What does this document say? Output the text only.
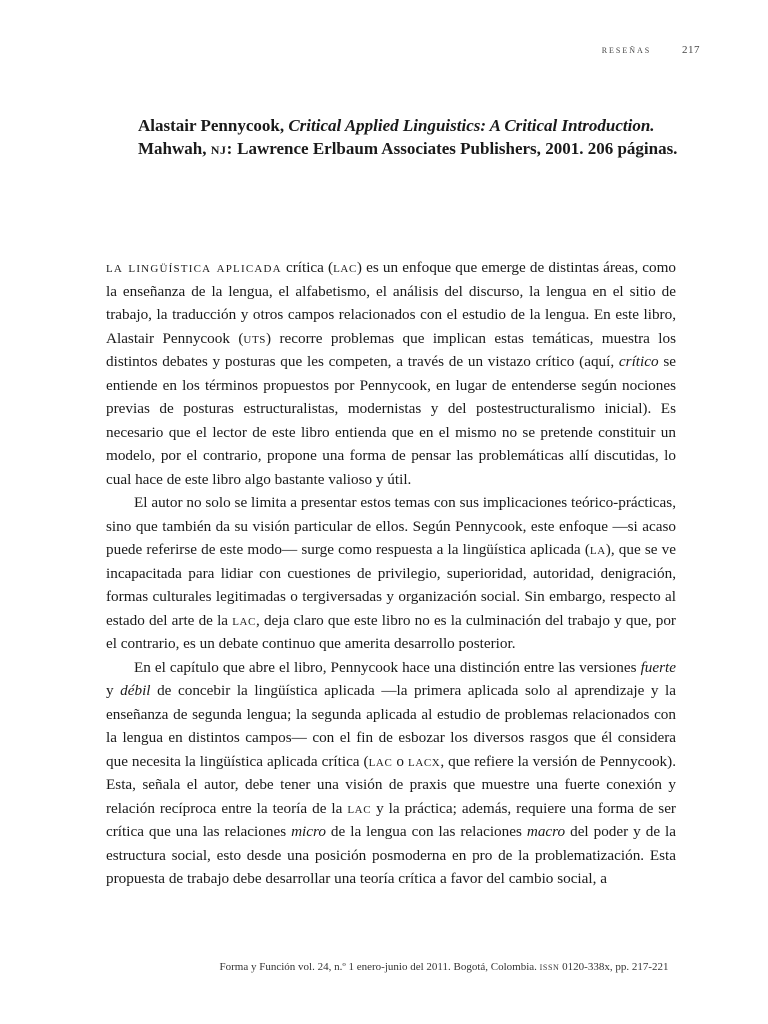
reseñas	217
Alastair Pennycook, Critical Applied Linguistics: A Critical Introduction. Mahwah, nj: Lawrence Erlbaum Associates Publishers, 2001. 206 páginas.

la lingüística aplicada crítica (lac) es un enfoque que emerge de distintas áreas, como la enseñanza de la lengua, el alfabetismo, el análisis del discurso, la lengua en el sitio de trabajo, la traducción y otros campos relacionados con el estudio de la lengua. En este libro, Alastair Pennycook (uts) recorre problemas que implican estas temáticas, muestra los distintos debates y posturas que les competen, a través de un vistazo crítico (aquí, crítico se entiende en los términos propuestos por Pennycook, en lugar de entenderse según nociones previas de posturas estructuralistas, modernistas y del postestructuralismo inicial). Es necesario que el lector de este libro entienda que en el mismo no se pretende constituir un modelo, por el contrario, propone una forma de pensar las problemáticas allí discutidas, lo cual hace de este libro algo bastante valioso y útil.

El autor no solo se limita a presentar estos temas con sus implicaciones teórico-prácticas, sino que también da su visión particular de ellos. Según Pennycook, este enfoque —si acaso puede referirse de este modo— surge como respuesta a la lingüística aplicada (la), que se ve incapacitada para lidiar con cuestiones de privilegio, superioridad, autoridad, denigración, formas culturales legitimadas o tergiversadas y organización social. Sin embargo, respecto al estado del arte de la lac, deja claro que este libro no es la culminación del trabajo y que, por el contrario, es un debate continuo que amerita desarrollo posterior.

En el capítulo que abre el libro, Pennycook hace una distinción entre las versiones fuerte y débil de concebir la lingüística aplicada —la primera aplicada solo al aprendizaje y la enseñanza de segunda lengua; la segunda aplicada al estudio de problemas relacionados con la lengua en distintos campos— con el fin de esbozar los diversos rasgos que él considera que necesita la lingüística aplicada crítica (lac o lacx, que refiere la versión de Pennycook). Esta, señala el autor, debe tener una visión de praxis que muestre una fuerte conexión y relación recíproca entre la teoría de la lac y la práctica; además, requiere una forma de ser crítica que una las relaciones micro de la lengua con las relaciones macro del poder y de la estructura social, esto desde una posición posmoderna en pro de la problematización. Esta propuesta de trabajo debe desarrollar una teoría crítica a favor del cambio social, a

Forma y Función vol. 24, n.º 1 enero-junio del 2011. Bogotá, Colombia. issn 0120-338x, pp. 217-221
